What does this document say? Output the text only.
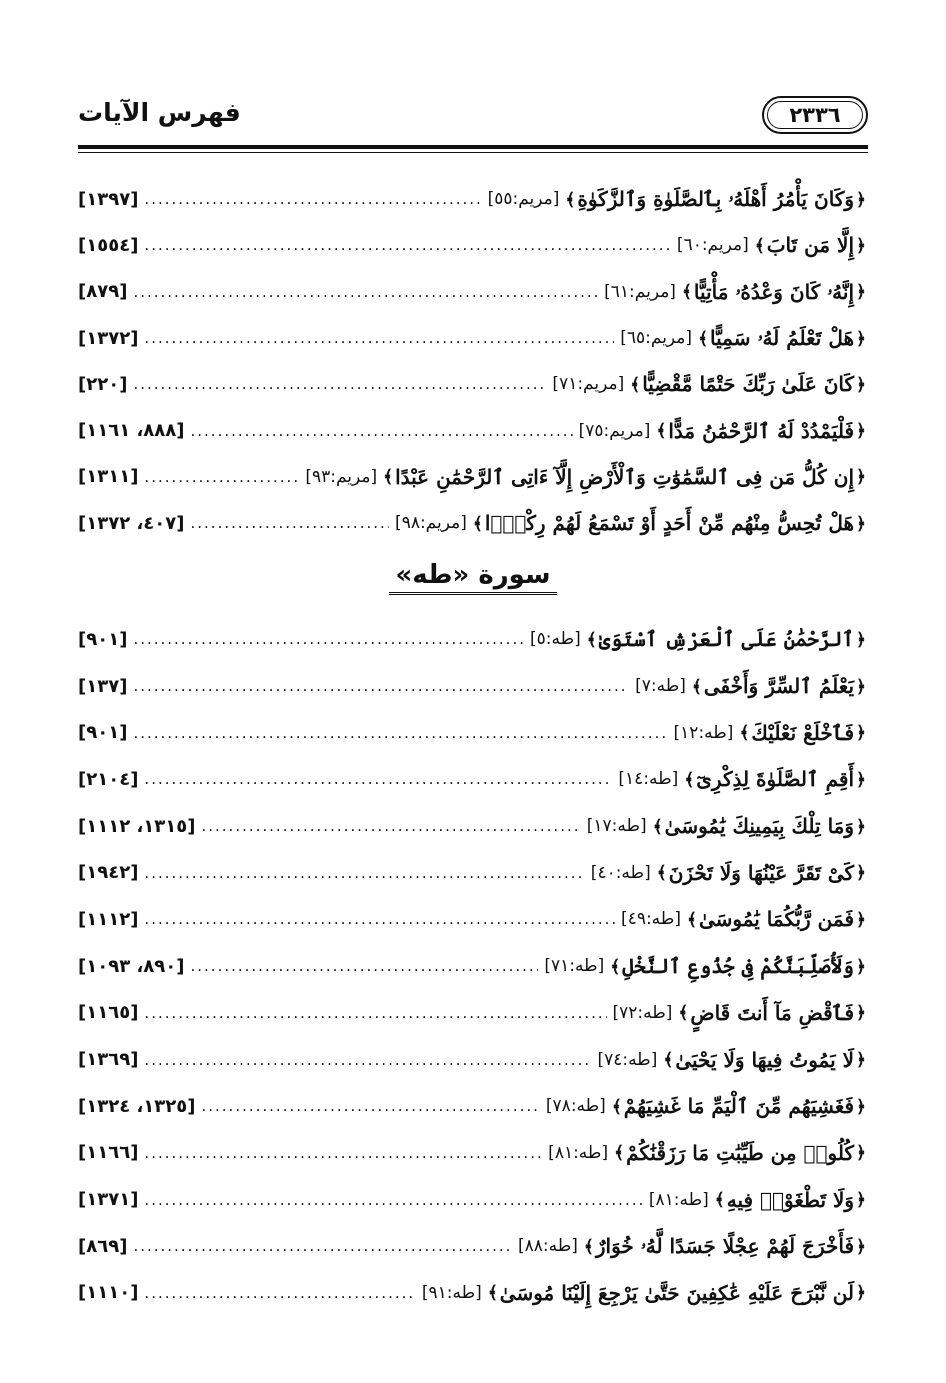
٢٣٣٦
فهرس الآيات
﴿
وَكَانَ يَأْمُرُ أَهْلَهُۥ بِٱلصَّلَوٰةِ وَٱلزَّكَوٰةِ
﴾
[مريم:٥٥]
.....
[١٣٩٧]
﴿
إِلَّا مَن تَابَ
﴾
[مريم:٦٠]
.....
[١٥٥٤]
﴿
إِنَّهُۥ كَانَ وَعْدُهُۥ مَأْتِيًّا
﴾
[مريم:٦١]
.....
[٨٧٩]
﴿
هَلْ تَعْلَمُ لَهُۥ سَمِيًّا
﴾
[مريم:٦٥]
.....
[١٣٧٢]
﴿
كَانَ عَلَىٰ رَبِّكَ حَتْمًا مَّقْضِيًّا
﴾
[مريم:٧١]
.....
[٢٢٠]
﴿
فَلْيَمْدُدْ لَهُ ٱلرَّحْمَٰنُ مَدًّا
﴾
[مريم:٧٥]
.....
[٨٨٨، ١١٦١]
﴿
إِن كُلُّ مَن فِى ٱلسَّمَٰوَٰتِ وَٱلْأَرْضِ إِلَّآ ءَاتِى ٱلرَّحْمَٰنِ عَبْدًا
﴾
[مريم:٩٣]
.....
[١٣١١]
﴿
هَلْ تُحِسُّ مِنْهُم مِّنْ أَحَدٍ أَوْ تَسْمَعُ لَهُمْ رِكْزًۢا
﴾
[مريم:٩٨]
.....
[٤٠٧، ١٣٧٢]
سورة «طه»
﴿
ٱلرَّحْمَٰنُ عَلَى ٱلْعَرْشِ ٱسْتَوَىٰ
﴾
[طه:٥]
.....
[٩٠١]
﴿
يَعْلَمُ ٱلسِّرَّ وَأَخْفَى
﴾
[طه:٧]
.....
[١٣٧]
﴿
فَٱخْلَعْ نَعْلَيْكَ
﴾
[طه:١٢]
.....
[٩٠١]
﴿
أَقِمِ ٱلصَّلَوٰةَ لِذِكْرِىٓ
﴾
[طه:١٤]
.....
[٢١٠٤]
﴿
وَمَا تِلْكَ بِيَمِينِكَ يَٰمُوسَىٰ
﴾
[طه:١٧]
.....
[١٣١٥، ١١١٢]
﴿
كَىْ تَقَرَّ عَيْنُهَا وَلَا تَحْزَنَ
﴾
[طه:٤٠]
.....
[١٩٤٢]
﴿
فَمَن رَّبُّكُمَا يَٰمُوسَىٰ
﴾
[طه:٤٩]
.....
[١١١٢]
﴿
وَلَأُصَلِّبَنَّكُمْ فِى جُذُوعِ ٱلنَّخْلِ
﴾
[طه:٧١]
.....
[٨٩٠، ١٠٩٣]
﴿
فَٱقْضِ مَآ أَنتَ قَاضٍ
﴾
[طه:٧٢]
.....
[١١٦٥]
﴿
لَا يَمُوتُ فِيهَا وَلَا يَحْيَىٰ
﴾
[طه:٧٤]
.....
[١٣٦٩]
﴿
فَغَشِيَهُم مِّنَ ٱلْيَمِّ مَا غَشِيَهُمْ
﴾
[طه:٧٨]
.....
[١٣٢٥، ١٣٢٤]
﴿
كُلُوا۟ مِن طَيِّبَٰتِ مَا رَزَقْنَٰكُمْ
﴾
[طه:٨١]
.....
[١١٦٦]
﴿
وَلَا تَطْغَوْا۟ فِيهِ
﴾
[طه:٨١]
.....
[١٣٧١]
﴿
فَأَخْرَجَ لَهُمْ عِجْلًا جَسَدًا لَّهُۥ خُوَارٌ
﴾
[طه:٨٨]
.....
[٨٦٩]
﴿
لَن نَّبْرَحَ عَلَيْهِ عَٰكِفِينَ حَتَّىٰ يَرْجِعَ إِلَيْنَا مُوسَىٰ
﴾
[طه:٩١]
.....
[١١١٠]
